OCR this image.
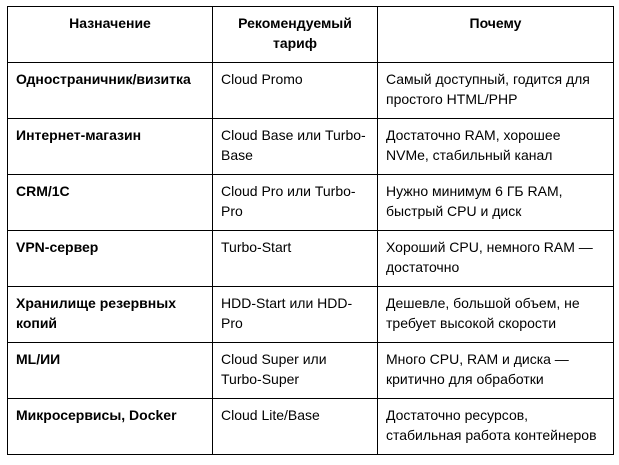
Назначение	Рекомендуемый тариф	Почему
Одностраничник/визитка	Cloud Promo	Самый доступный, годится для простого HTML/PHP
Интернет-магазин	Cloud Base или Turbo-Base	Достаточно RAM, хорошее NVMe, стабильный канал
CRM/1С	Cloud Pro или Turbo-Pro	Нужно минимум 6 ГБ RAM, быстрый CPU и диск
VPN-сервер	Turbo-Start	Хороший CPU, немного RAM — достаточно
Хранилище резервных копий	HDD-Start или HDD-Pro	Дешевле, большой объем, не требует высокой скорости
ML/ИИ	Cloud Super или Turbo-Super	Много CPU, RAM и диска — критично для обработки
Микросервисы, Docker	Cloud Lite/Base	Достаточно ресурсов, стабильная работа контейнеров
